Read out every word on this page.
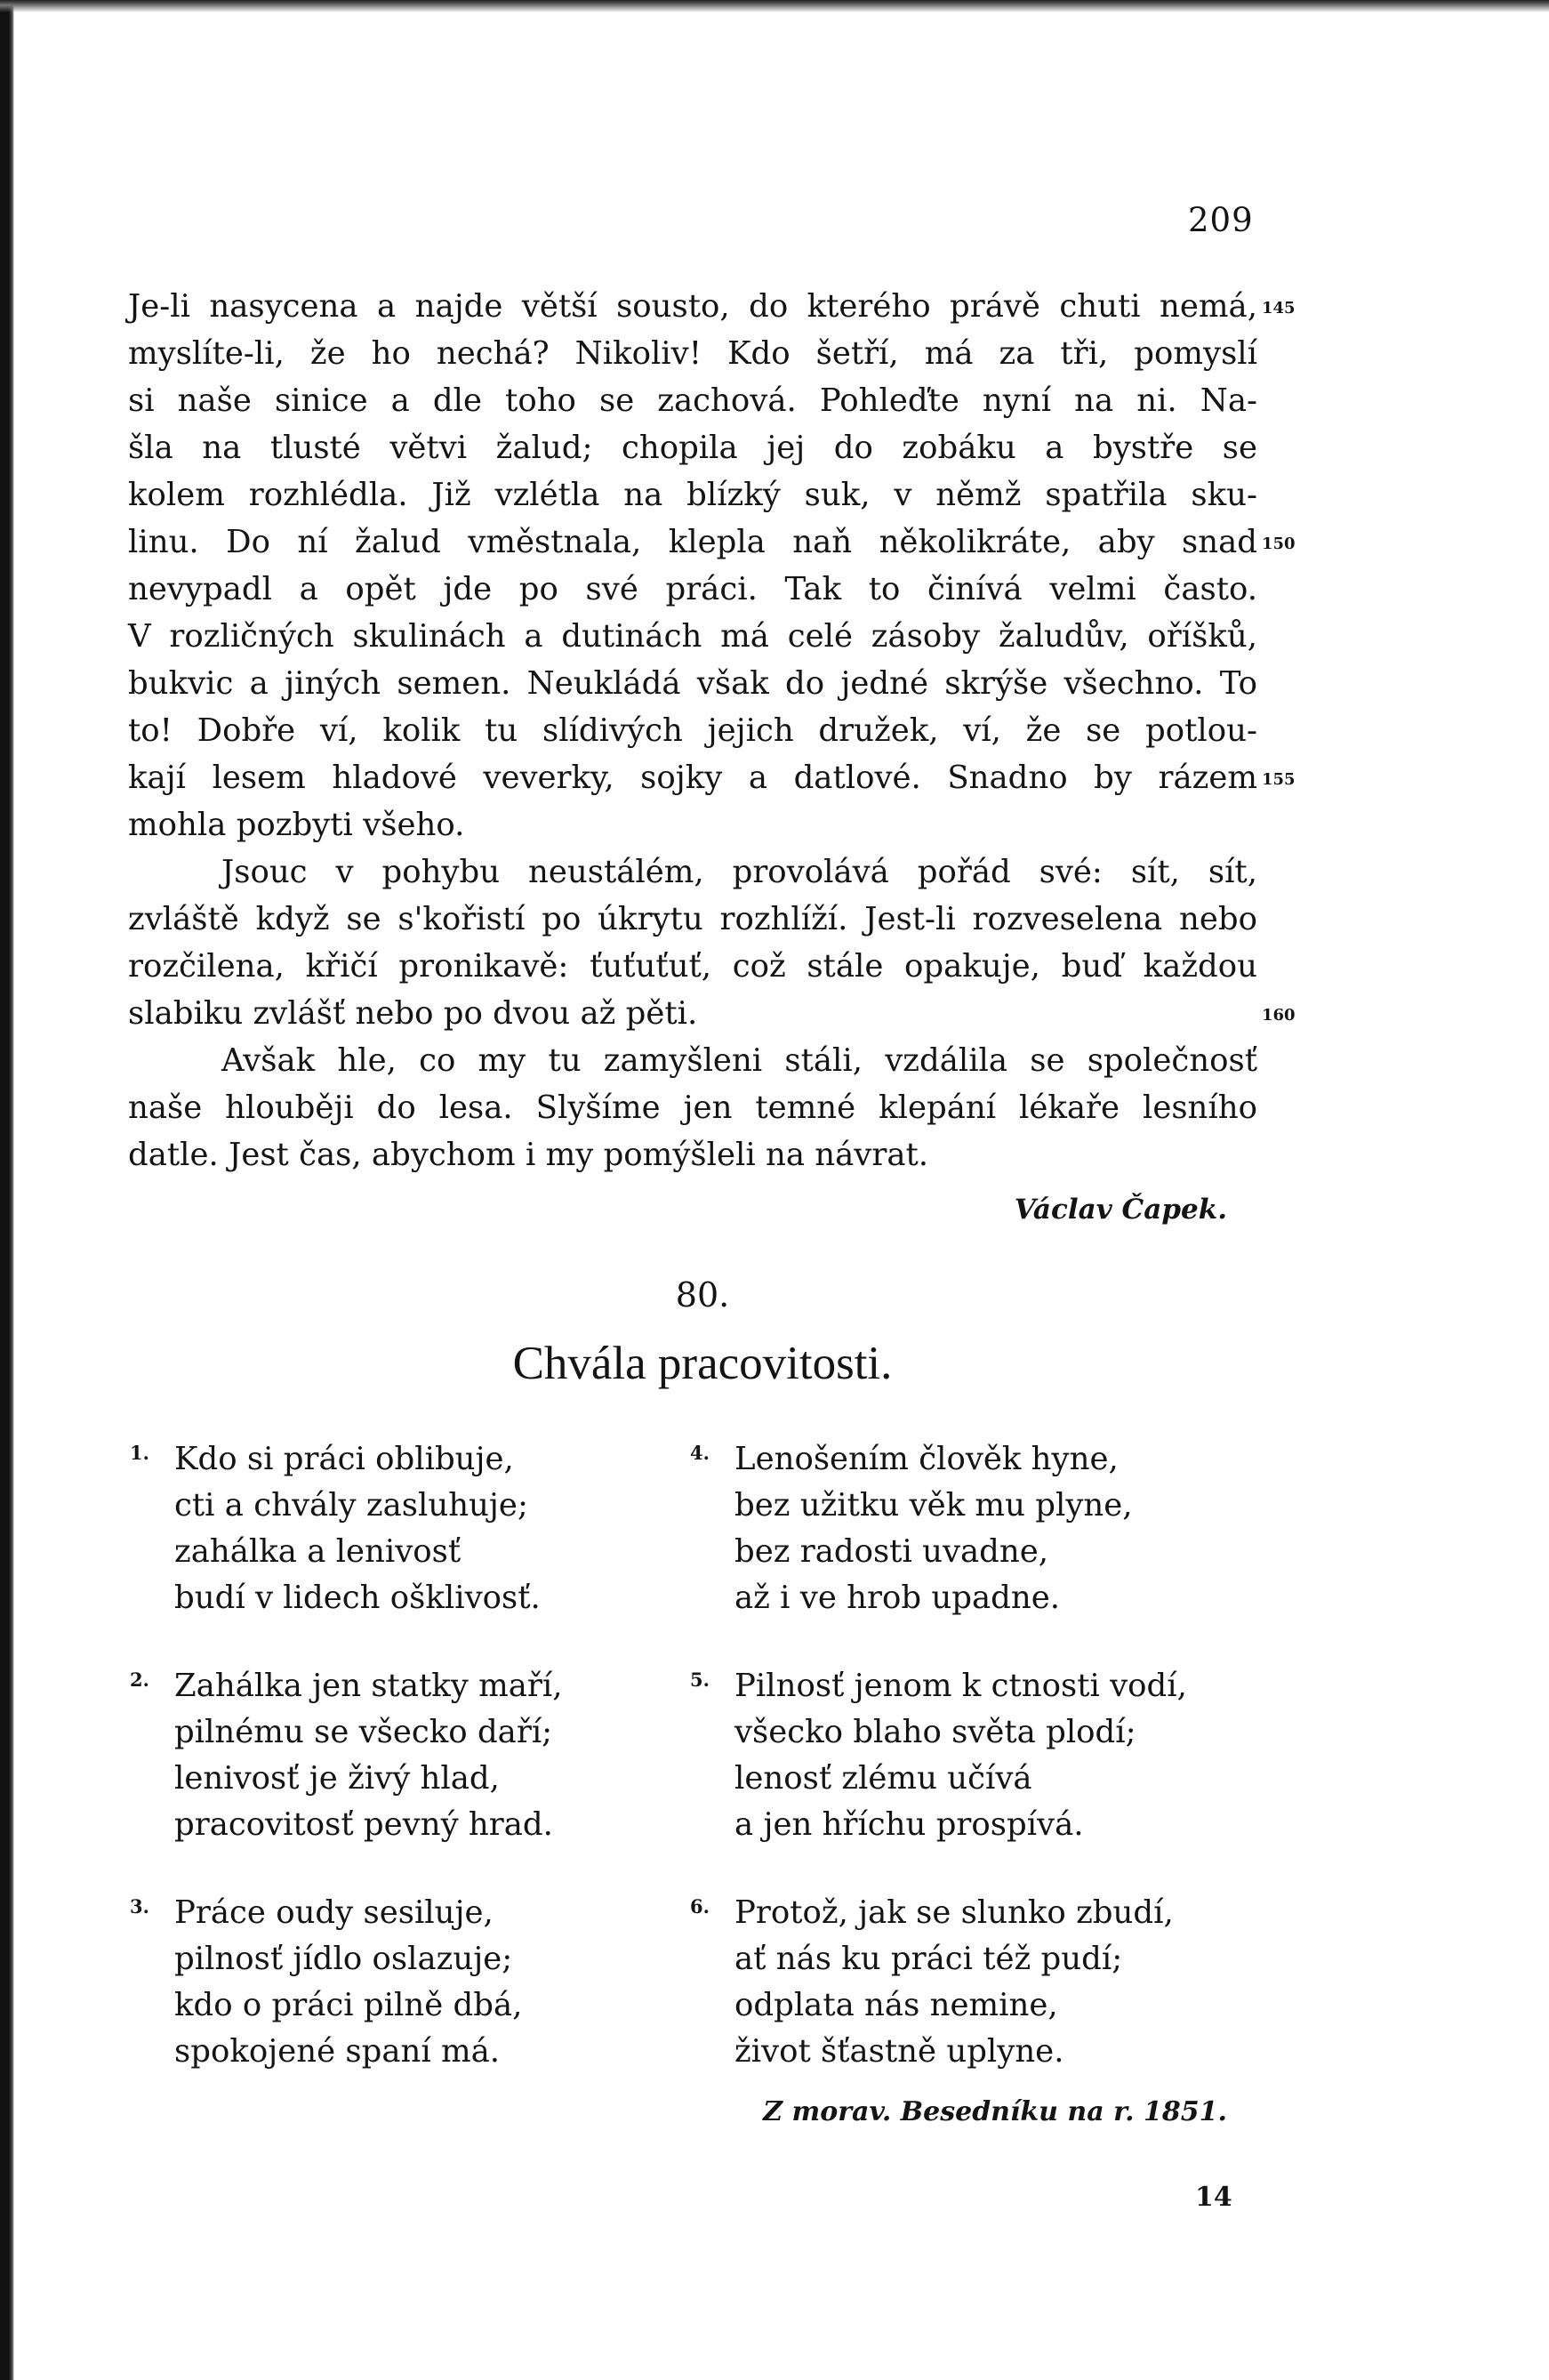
209
Je-li nasycena a najde větší sousto, do kterého právě chuti nemá, 145
myslíte-li, že ho nechá? Nikoliv! Kdo šetří, má za tři, pomyslí
si naše sinice a dle toho se zachová. Pohleďte nyní na ni. Na-
šla na tlusté větvi žalud; chopila jej do zobáku a bystře se
kolem rozhlédla. Již vzlétla na blízký suk, v němž spatřila sku-
linu. Do ní žalud vměstnala, klepla naň několikráte, aby snad 150
nevypadl a opět jde po své práci. Tak to činívá velmi často.
V rozličných skulinách a dutinách má celé zásoby žaludův, oříšků,
bukvic a jiných semen. Neukládá však do jedné skrýše všechno. To
to! Dobře ví, kolik tu slídivých jejich družek, ví, že se potlou-
kají lesem hladové veverky, sojky a datlové. Snadno by rázem 155
mohla pozbyti všeho.
Jsouc v pohybu neustálém, provolává pořád své: sít, sít,
zvláště když se s'kořistí po úkrytu rozhlíží. Jest-li rozveselena nebo
rozčilena, křičí pronikavě: ťuťuťuť, což stále opakuje, buď každou
slabiku zvlášť nebo po dvou až pěti.	160
Avšak hle, co my tu zamyšleni stáli, vzdálila se společnosť
naše hlouběji do lesa. Slyšíme jen temné klepání lékaře lesního
datle. Jest čas, abychom i my pomýšleli na návrat.
Václav Čapek.
80.
Chvála pracovitosti.
1. Kdo si práci oblibuje,
cti a chvály zasluhuje;
zahálka a lenivosť
budí v lidech ošklivosť.
2. Zahálka jen statky maří,
pilnému se všecko daří;
lenivosť je živý hlad,
pracovitosť pevný hrad.
3. Práce oudy sesiluje,
pilnosť jídlo oslazuje;
kdo o práci pilně dbá,
spokojené spaní má.
4. Lenošením člověk hyne,
bez užitku věk mu plyne,
bez radosti uvadne,
až i ve hrob upadne.
5. Pilnosť jenom k ctnosti vodí,
všecko blaho světa plodí;
lenosť zlému učívá
a jen hříchu prospívá.
6. Protož, jak se slunko zbudí,
ať nás ku práci též pudí;
odplata nás nemine,
život šťastně uplyne.
Z morav. Besedníku na r. 1851.
14
